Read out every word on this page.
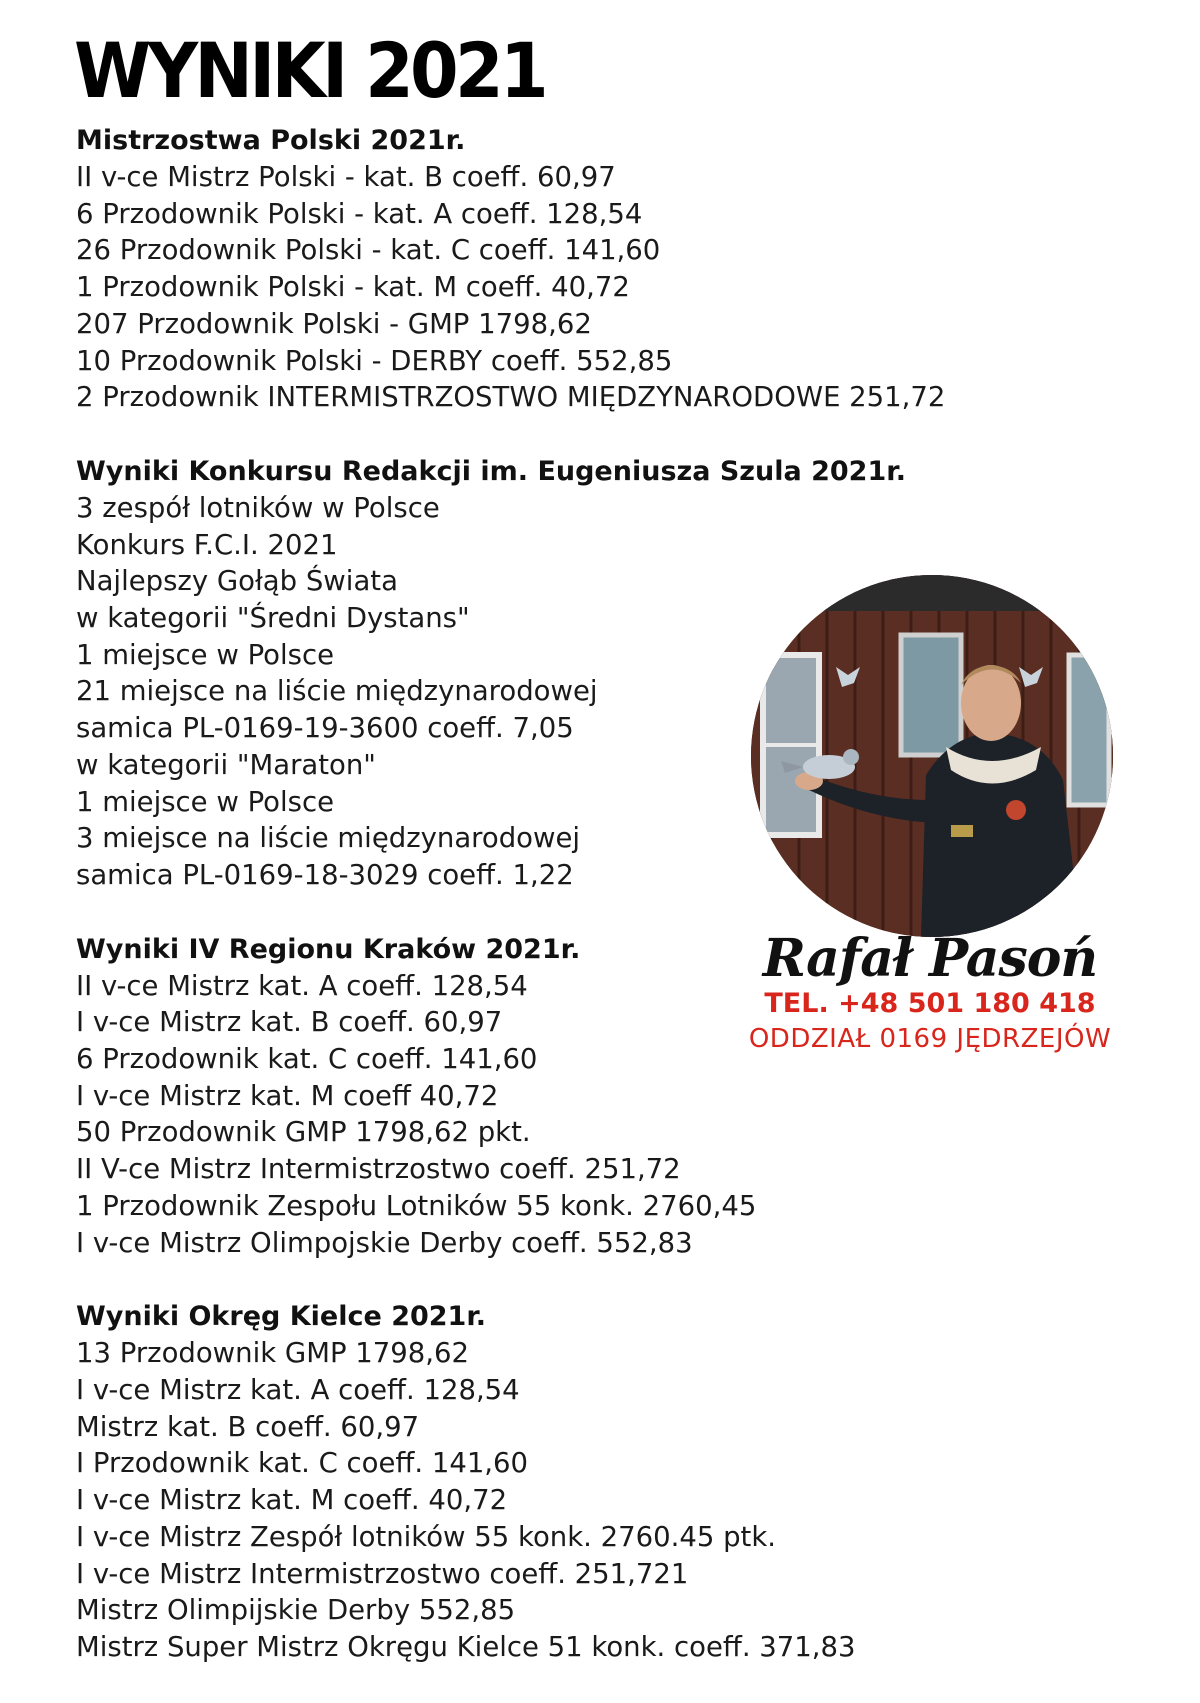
WYNIKI 2021
Mistrzostwa Polski 2021r.
II v-ce Mistrz Polski - kat. B coeff. 60,97
6 Przodownik Polski - kat. A coeff. 128,54
26 Przodownik Polski - kat. C coeff. 141,60
1 Przodownik Polski - kat. M coeff. 40,72
207 Przodownik Polski - GMP 1798,62
10 Przodownik Polski - DERBY coeff. 552,85
2 Przodownik INTERMISTRZOSTWO MIĘDZYNARODOWE 251,72
Wyniki Konkursu Redakcji im. Eugeniusza Szula 2021r.
3 zespół lotników w Polsce
Konkurs F.C.I. 2021
Najlepszy Gołąb Świata
w kategorii "Średni Dystans"
1 miejsce w Polsce
21 miejsce na liście międzynarodowej
samica PL-0169-19-3600 coeff. 7,05
w kategorii "Maraton"
1 miejsce w Polsce
3 miejsce na liście międzynarodowej
samica PL-0169-18-3029 coeff. 1,22
Wyniki IV Regionu Kraków 2021r.
II v-ce Mistrz kat. A coeff. 128,54
I v-ce Mistrz kat. B coeff. 60,97
6 Przodownik kat. C coeff. 141,60
I v-ce Mistrz kat. M coeff 40,72
50 Przodownik GMP 1798,62 pkt.
II V-ce Mistrz Intermistrzostwo coeff. 251,72
1 Przodownik Zespołu Lotników 55 konk. 2760,45
I v-ce Mistrz Olimpojskie Derby coeff. 552,83
Wyniki Okręg Kielce 2021r.
13 Przodownik GMP 1798,62
I v-ce Mistrz kat. A coeff. 128,54
Mistrz kat. B coeff. 60,97
I Przodownik kat. C coeff. 141,60
I v-ce Mistrz kat. M coeff. 40,72
I v-ce Mistrz Zespół lotników 55 konk. 2760.45 ptk.
I v-ce Mistrz Intermistrzostwo coeff. 251,721
Mistrz Olimpijskie Derby 552,85
Mistrz Super Mistrz Okręgu Kielce 51 konk. coeff. 371,83
Rafał Pasoń
TEL. +48 501 180 418
ODDZIAŁ 0169 JĘDRZEJÓW
